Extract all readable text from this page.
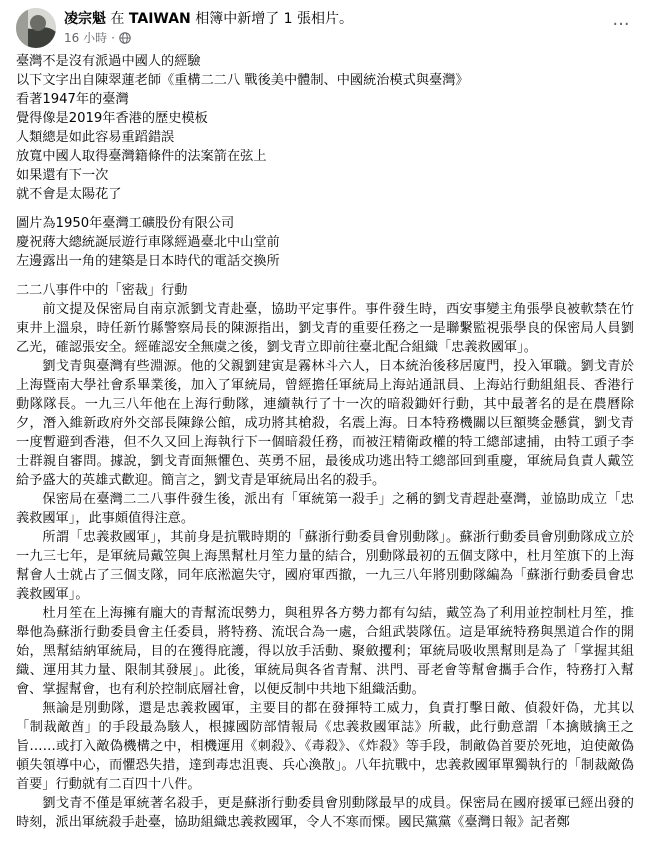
凌宗魁 在 TAIWAN 相簿中新增了 1 張相片。
16 小時 ·
···

臺灣不是沒有派過中國人的經驗

以下文字出自陳翠蓮老師《重構二二八 戰後美中體制、中國統治模式與臺灣》

看著1947年的臺灣

覺得像是2019年香港的歷史模板

人類總是如此容易重蹈錯誤

放寬中國人取得臺灣籍條件的法案箭在弦上

如果還有下一次

就不會是太陽花了

圖片為1950年臺灣工礦股份有限公司

慶祝蔣大總統誕辰遊行車隊經過臺北中山堂前

左邊露出一角的建築是日本時代的電話交換所

二二八事件中的「密裁」行動

前文提及保密局自南京派劉戈青赴臺，協助平定事件。事件發生時，西安事變主角張學良被軟禁在竹東井上溫泉，時任新竹縣警察局長的陳源指出，劉戈青的重要任務之一是聯繫監視張學良的保密局人員劉乙光，確認張安全。經確認安全無虞之後，劉戈青立即前往臺北配合組織「忠義救國軍」。

劉戈青與臺灣有些淵源。他的父親劉建寅是霧林斗六人，日本統治後移居廈門，投入軍職。劉戈青於上海暨南大學社會系畢業後，加入了軍統局，曾經擔任軍統局上海站通訊員、上海站行動組組長、香港行動隊隊長。一九三八年他在上海行動隊，連續執行了十一次的暗殺鋤奸行動，其中最著名的是在農曆除夕，潛入維新政府外交部長陳錄公館，成功將其槍殺，名震上海。日本特務機關以巨額獎金懸賞，劉戈青一度暫避到香港，但不久又回上海執行下一個暗殺任務，而被汪精衛政權的特工總部逮捕，由特工頭子李士群親自審問。據說，劉戈青面無懼色、英勇不屈，最後成功逃出特工總部回到重慶，軍統局負責人戴笠給予盛大的英雄式歡迎。簡言之，劉戈青是軍統局出名的殺手。

保密局在臺灣二二八事件發生後，派出有「軍統第一殺手」之稱的劉戈青趕赴臺灣，並協助成立「忠義救國軍」，此事頗值得注意。

所謂「忠義救國軍」，其前身是抗戰時期的「蘇浙行動委員會別動隊」。蘇浙行動委員會別動隊成立於一九三七年，是軍統局戴笠與上海黑幫杜月笙力量的結合，別動隊最初的五個支隊中，杜月笙旗下的上海幫會人士就占了三個支隊，同年底淞滬失守，國府軍西撤，一九三八年將別動隊編為「蘇浙行動委員會忠義救國軍」。

杜月笙在上海擁有龐大的青幫流氓勢力，與租界各方勢力都有勾結，戴笠為了利用並控制杜月笙，推舉他為蘇浙行動委員會主任委員，將特務、流氓合為一處，合組武裝隊伍。這是軍統特務與黑道合作的開始，黑幫結納軍統局，目的在獲得庇護，得以放手活動、聚斂攫利；軍統局吸收黑幫則是為了「掌握其組織、運用其力量、限制其發展」。此後，軍統局與各省青幫、洪門、哥老會等幫會攜手合作，特務打入幫會、掌握幫會，也有利於控制底層社會，以便反制中共地下組織活動。

無論是別動隊，還是忠義救國軍，主要目的都在發揮特工威力，負責打擊日敵、偵殺奸偽，尤其以「制裁敵酋」的手段最為駭人，根據國防部情報局《忠義救國軍誌》所載，此行動意謂「本擒賊擒王之旨……或打入敵偽機構之中，相機運用《刺殺》、《毒殺》、《炸殺》等手段，制敵偽首要於死地，迫使敵偽頓失領導中心，而懼恐失措，達到毒忠沮喪、兵心渙散」。八年抗戰中，忠義救國軍單獨執行的「制裁敵偽首要」行動就有二百四十八件。

劉戈青不僅是軍統著名殺手，更是蘇浙行動委員會別動隊最早的成員。保密局在國府援軍已經出發的時刻，派出軍統殺手赴臺，協助組織忠義救國軍，令人不寒而慄。國民黨黨《臺灣日報》記者鄭
